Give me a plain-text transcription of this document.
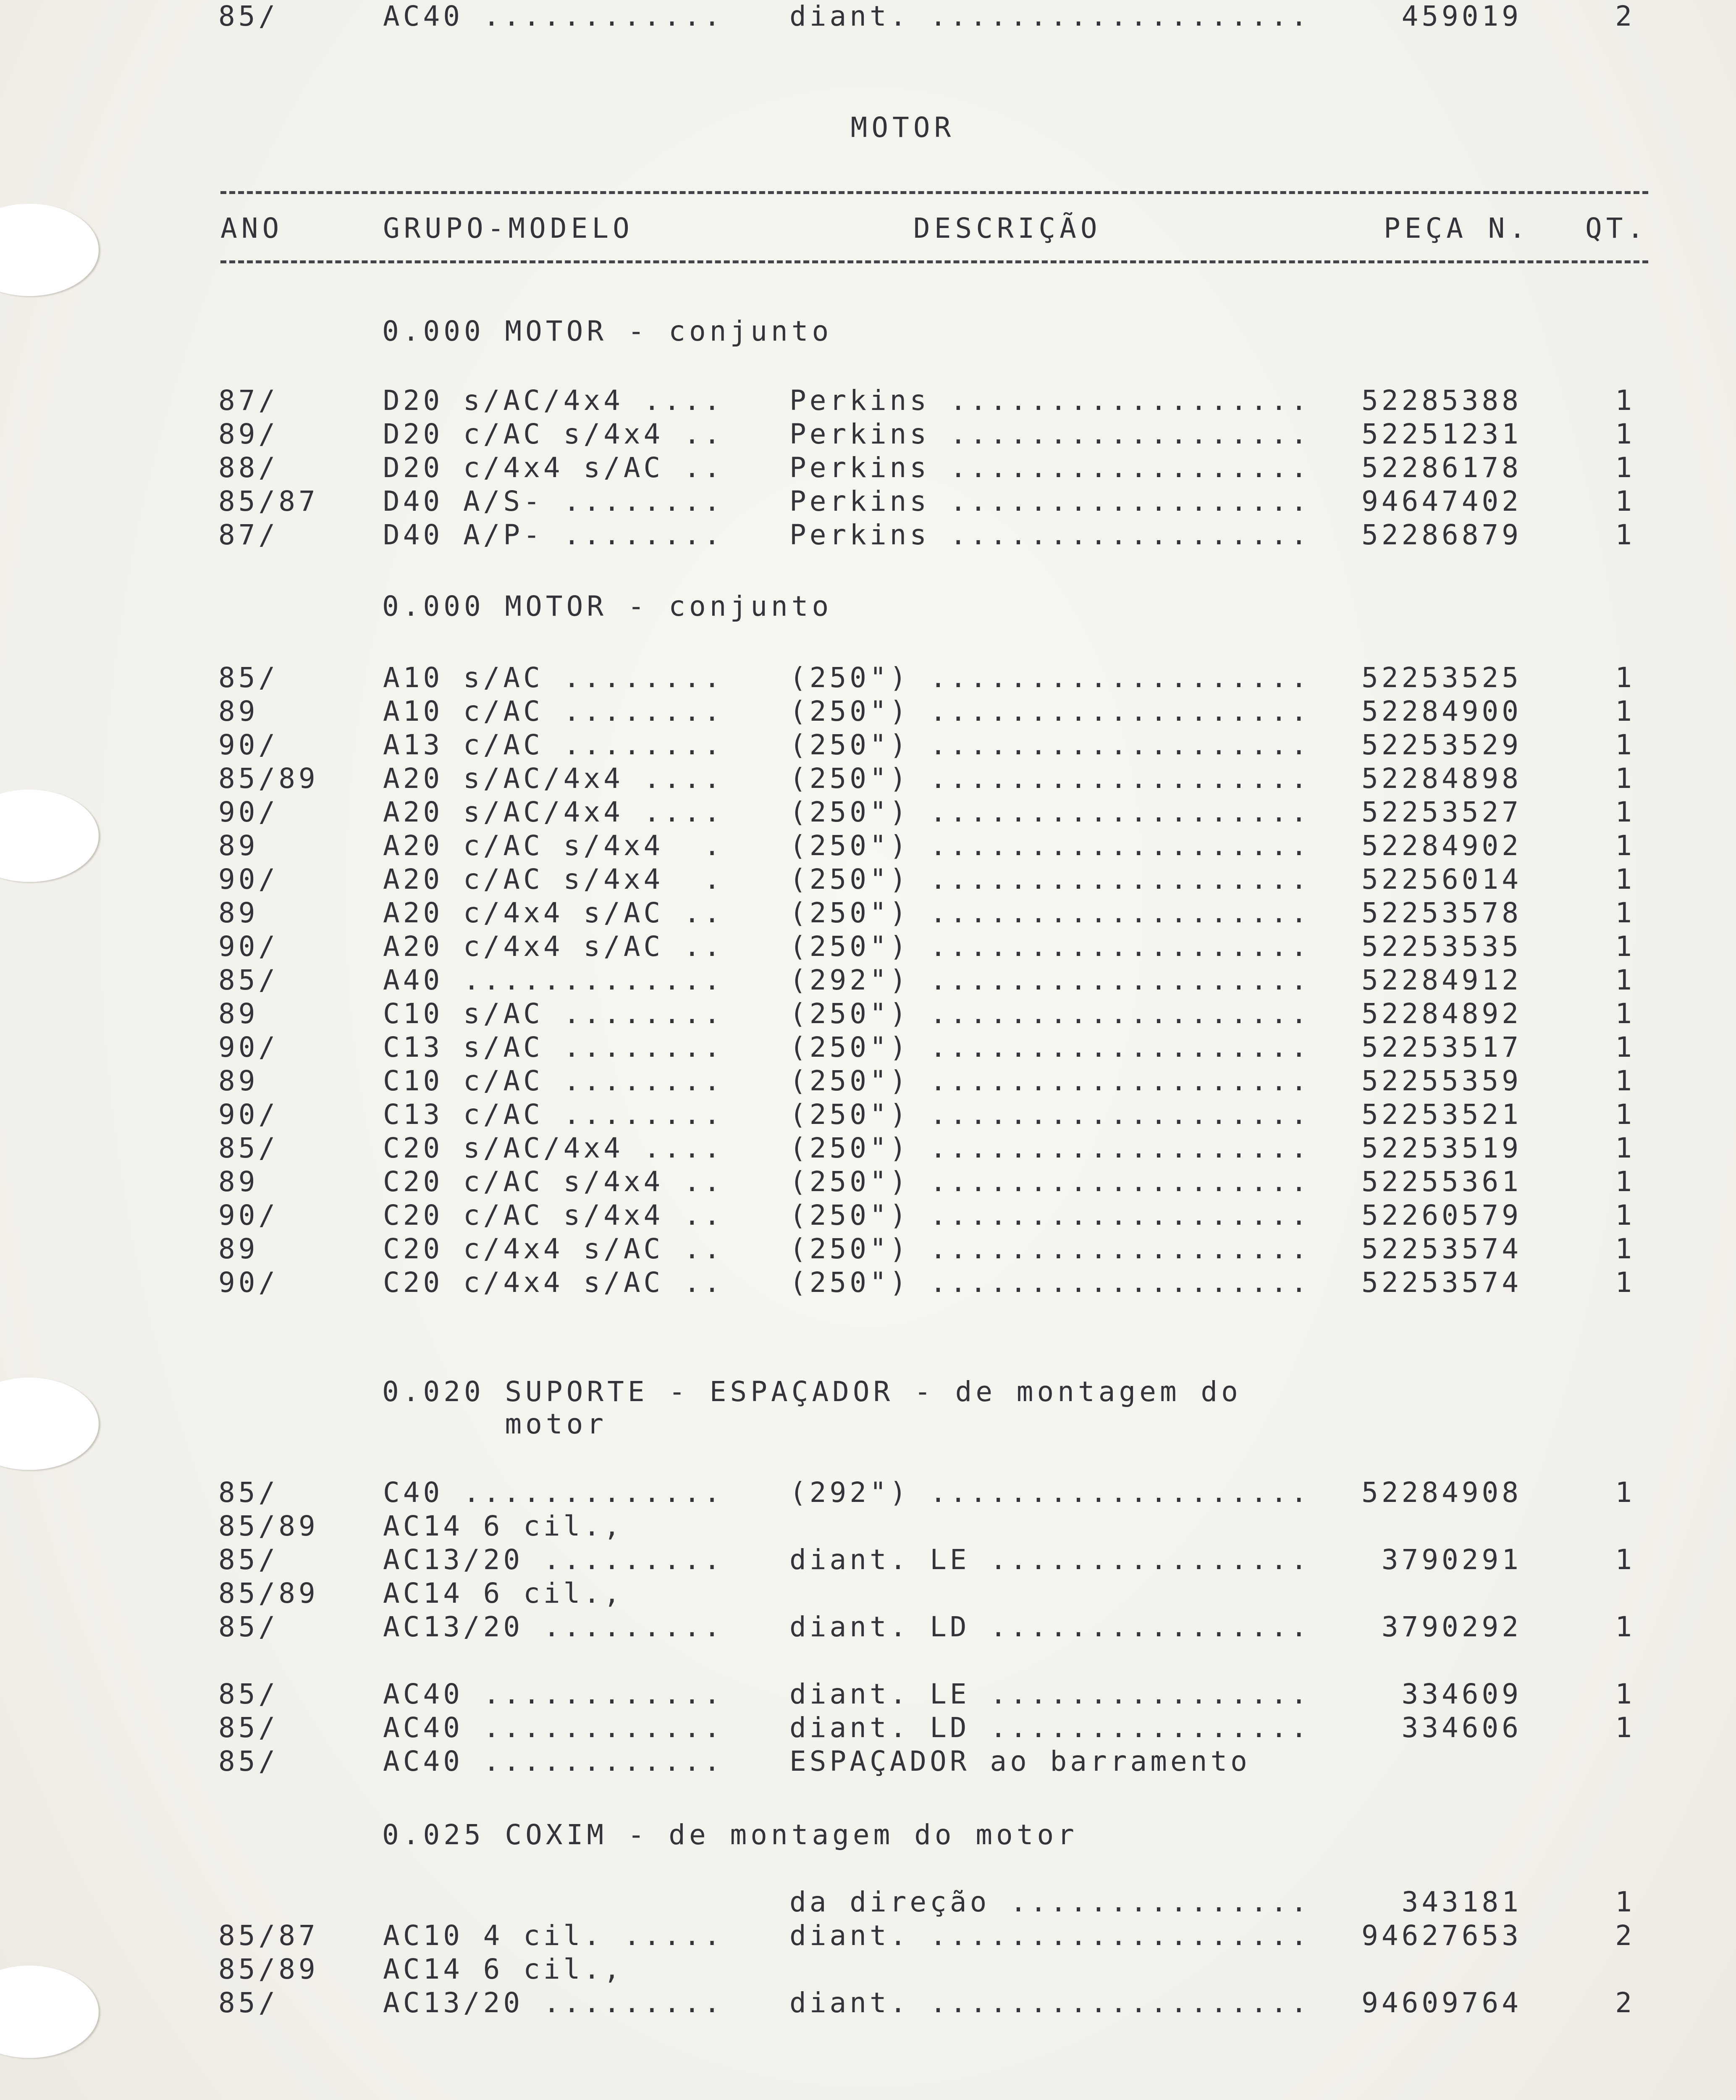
MOTOR
ANO	GRUPO-MODELO	DESCRIÇÃO	PEÇA N. QT.
0.000 MOTOR - conjunto
0.000 MOTOR - conjunto
0.020 SUPORTE - ESPAÇADOR - de montagem do
motor
0.025 COXIM - de montagem do motor
87/	D20 s/AC/4x4 .... Perkins .................. 52285388	1
89/	D20 c/AC s/4x4 .. Perkins .................. 52251231	1
88/	D20 c/4x4 s/AC .. Perkins .................. 52286178	1
85/87 D40 A/S- ........ Perkins .................. 94647402	1
87/	D40 A/P- ........ Perkins .................. 52286879	1
85/	A10 s/AC ........ (250") ................... 52253525	1
89	A10 c/AC ........ (250") ................... 52284900	1
90/	A13 c/AC ........ (250") ................... 52253529	1
85/89 A20 s/AC/4x4 .... (250") ................... 52284898	1
90/	A20 s/AC/4x4 .... (250") ................... 52253527	1
89	A20 c/AC s/4x4  . (250") ................... 52284902	1
90/	A20 c/AC s/4x4  . (250") ................... 52256014	1
89	A20 c/4x4 s/AC .. (250") ................... 52253578	1
90/	A20 c/4x4 s/AC .. (250") ................... 52253535	1
85/	A40 ............. (292") ................... 52284912	1
89	C10 s/AC ........ (250") ................... 52284892	1
90/	C13 s/AC ........ (250") ................... 52253517	1
89	C10 c/AC ........ (250") ................... 52255359	1
90/	C13 c/AC ........ (250") ................... 52253521	1
85/	C20 s/AC/4x4 .... (250") ................... 52253519	1
89	C20 c/AC s/4x4 .. (250") ................... 52255361	1
90/	C20 c/AC s/4x4 .. (250") ................... 52260579	1
89	C20 c/4x4 s/AC .. (250") ................... 52253574	1
90/	C20 c/4x4 s/AC .. (250") ................... 52253574	1
85/	C40 ............. (292") ................... 52284908	1
85/89 AC14 6 cil.,
85/	AC13/20 ......... diant. LE ................	3790291	1
85/89 AC14 6 cil.,
85/	AC13/20 ......... diant. LD ................	3790292	1
85/	AC40 ............ diant. LE ................	334609	1
85/	AC40 ............ diant. LD ................	334606	1
85/	AC40 ............ ESPAÇADOR ao barramento
da direção ...............	343181	1
85/87 AC10 4 cil. ..... diant. ................... 94627653	2
85/89 AC14 6 cil.,
85/	AC13/20 ......... diant. ................... 94609764	2
85/	AC40 ............ diant. ...................	459019	2
